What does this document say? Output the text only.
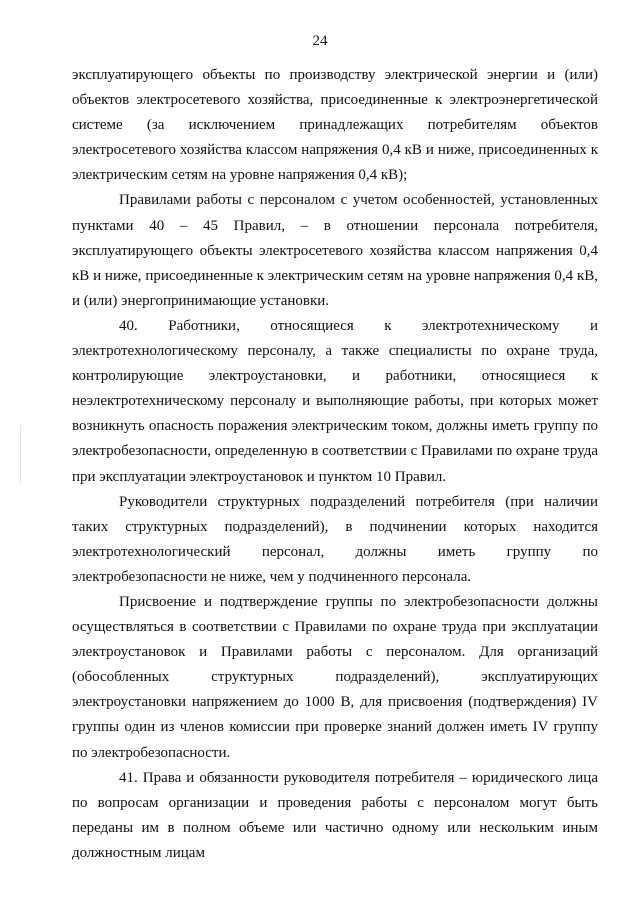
24

эксплуатирующего объекты по производству электрической энергии и (или) объектов электросетевого хозяйства, присоединенные к электроэнергетической системе (за исключением принадлежащих потребителям объектов электросетевого хозяйства классом напряжения 0,4 кВ и ниже, присоединенных к электрическим сетям на уровне напряжения 0,4 кВ);

Правилами работы с персоналом с учетом особенностей, установленных пунктами 40 – 45 Правил, – в отношении персонала потребителя, эксплуатирующего объекты электросетевого хозяйства классом напряжения 0,4 кВ и ниже, присоединенные к электрическим сетям на уровне напряжения 0,4 кВ, и (или) энергопринимающие установки.

40. Работники, относящиеся к электротехническому и электротехнологическому персоналу, а также специалисты по охране труда, контролирующие электроустановки, и работники, относящиеся к неэлектротехническому персоналу и выполняющие работы, при которых может возникнуть опасность поражения электрическим током, должны иметь группу по электробезопасности, определенную в соответствии с Правилами по охране труда при эксплуатации электроустановок и пунктом 10 Правил.

Руководители структурных подразделений потребителя (при наличии таких структурных подразделений), в подчинении которых находится электротехнологический персонал, должны иметь группу по электробезопасности не ниже, чем у подчиненного персонала.

Присвоение и подтверждение группы по электробезопасности должны осуществляться в соответствии с Правилами по охране труда при эксплуатации электроустановок и Правилами работы с персоналом. Для организаций (обособленных структурных подразделений), эксплуатирующих электроустановки напряжением до 1000 В, для присвоения (подтверждения) IV группы один из членов комиссии при проверке знаний должен иметь IV группу по электробезопасности.

41. Права и обязанности руководителя потребителя – юридического лица по вопросам организации и проведения работы с персоналом могут быть переданы им в полном объеме или частично одному или нескольким иным должностным лицам
